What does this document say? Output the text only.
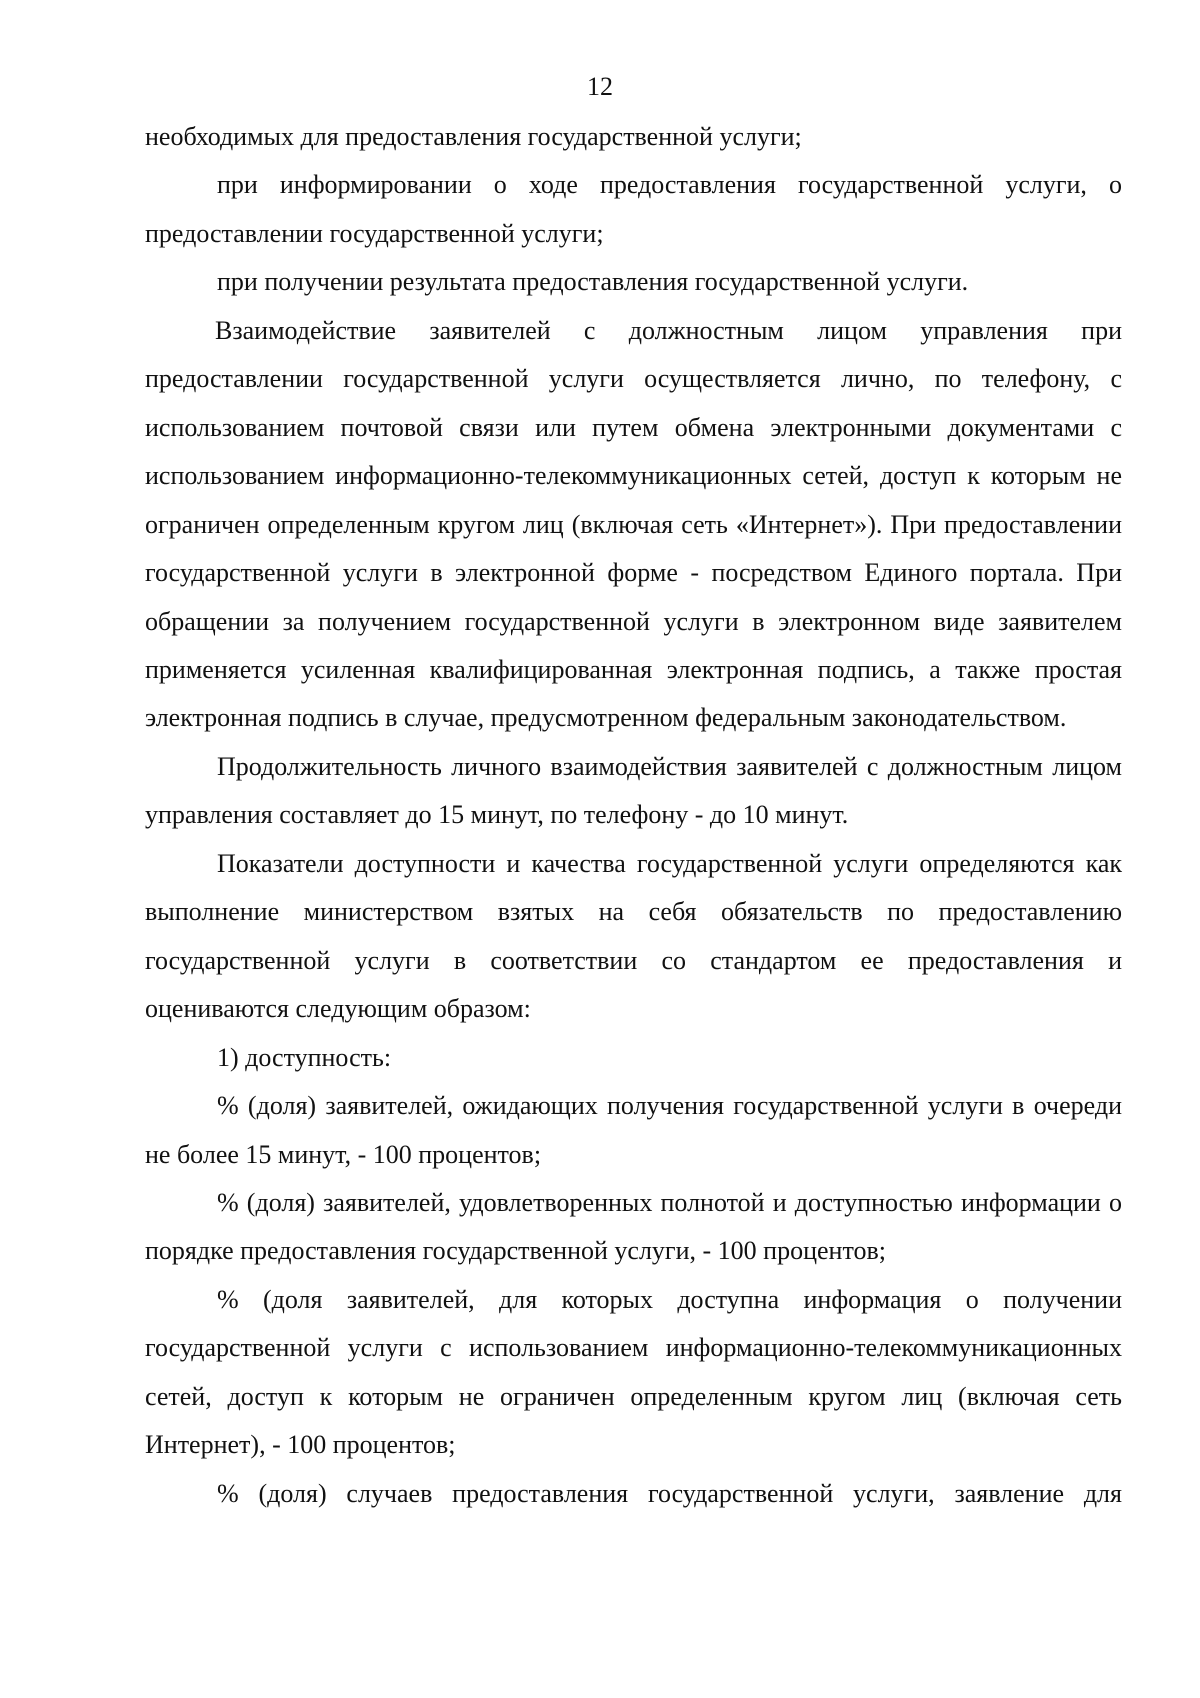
12

необходимых для предоставления государственной услуги;

при информировании о ходе предоставления государственной услуги, о предоставлении государственной услуги;

при получении результата предоставления государственной услуги.

Взаимодействие заявителей с должностным лицом управления при предоставлении государственной услуги осуществляется лично, по телефону, с использованием почтовой связи или путем обмена электронными документами с использованием информационно-телекоммуникационных сетей, доступ к которым не ограничен определенным кругом лиц (включая сеть «Интернет»). При предоставлении государственной услуги в электронной форме - посредством Единого портала. При обращении за получением государственной услуги в электронном виде заявителем применяется усиленная квалифицированная электронная подпись, а также простая электронная подпись в случае, предусмотренном федеральным законодательством.

Продолжительность личного взаимодействия заявителей с должностным лицом управления составляет до 15 минут, по телефону - до 10 минут.

Показатели доступности и качества государственной услуги определяются как выполнение министерством взятых на себя обязательств по предоставлению государственной услуги в соответствии со стандартом ее предоставления и оцениваются следующим образом:

1) доступность:

% (доля) заявителей, ожидающих получения государственной услуги в очереди не более 15 минут, - 100 процентов;

% (доля) заявителей, удовлетворенных полнотой и доступностью информации о порядке предоставления государственной услуги, - 100 процентов;

% (доля заявителей, для которых доступна информация о получении государственной услуги с использованием информационно-телекоммуникационных сетей, доступ к которым не ограничен определенным кругом лиц (включая сеть Интернет), - 100 процентов;

% (доля) случаев предоставления государственной услуги, заявление для
